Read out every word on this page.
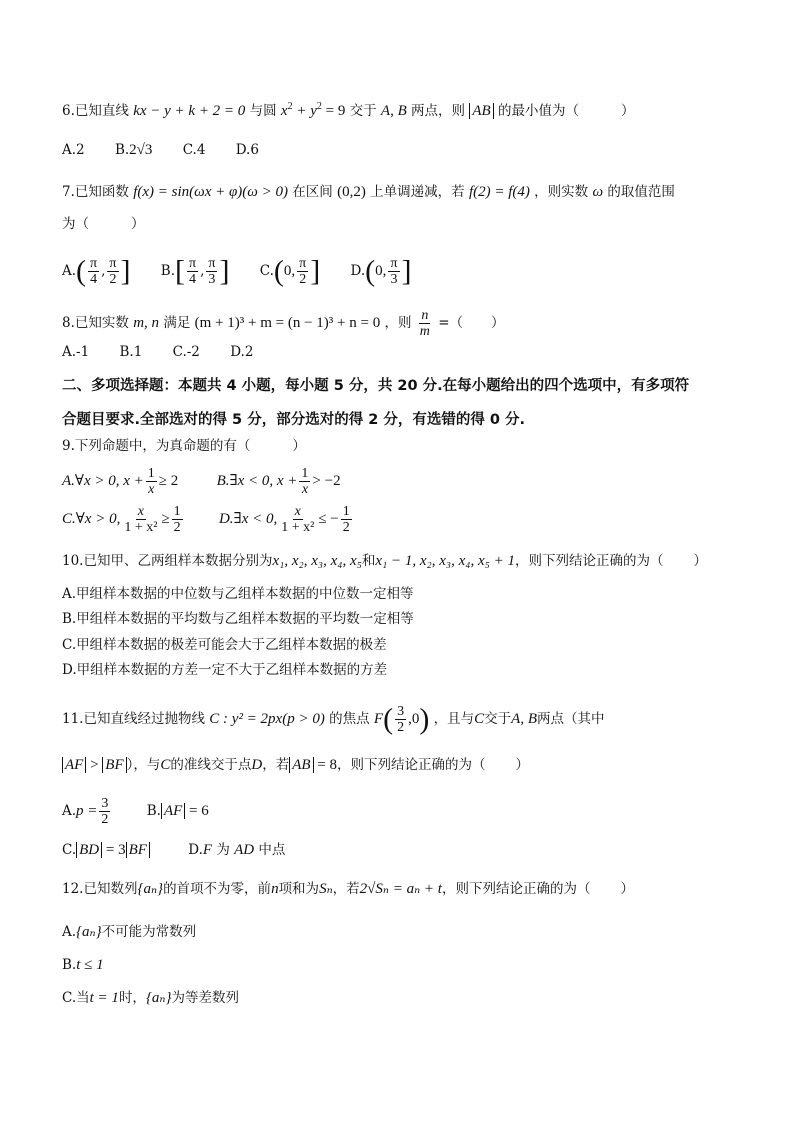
6.已知直线 kx − y + k + 2 = 0 与圆 $x^2 + y^2 = 9$ 交于 A, B 两点，则 AB 的最小值为（	）
A.2 B.2√3 C.4 D.6
7.已知函数 f(x) = sin(ωx + φ)(ω > 0) 在区间 (0,2) 上单调递减，若 f(2) = f(4) ，则实数 ω 的取值范围
为（	）
$A.( \frac{\pi}{4}$ , $\frac{\pi}{2}$ ] $B.[ \frac{\pi}{4}$ , $\frac{\pi}{3}$ ] C.(0, $\frac{\pi}{2}$ ] D.(0, $\frac{\pi}{3}$ ]
8.已知实数 m, n 满足 (m + 1)³ + m = (n − 1)³ + n = 0 ，则 $\frac{n}{m}$ =（ ）
A.-1 B.1 C.-2 D.2
二、多项选择题：本题共 4 小题，每小题 5 分，共 20 分.在每小题给出的四个选项中，有多项符
合题目要求.全部选对的得 5 分，部分选对的得 2 分，有选错的得 0 分.
9.下列命题中，为真命题的有（	）
A.∀x > 0, $x + \frac{1}{x} \ge 2$	B.∃x < 0, $x + \frac{1}{x} > -2$
C.∀x > 0, $\frac{x}{\text{1 + x²}} \ge \frac{1}{2}$ D.∃x < 0, $\frac{x}{\text{1 + x²}}$ ≤ − $\frac{1}{2}$
10.已知甲、乙两组样本数据分别为x₁, x₂, x₃, x₄, x₅和x₁ − 1, x₂, x₃, x₄, x₅ + 1，则下列结论正确的为（ ）
A.甲组样本数据的中位数与乙组样本数据的中位数一定相等
B.甲组样本数据的平均数与乙组样本数据的平均数一定相等
C.甲组样本数据的极差可能会大于乙组样本数据的极差
D.甲组样本数据的方差一定不大于乙组样本数据的方差
11.已知直线经过抛物线 C : y² = 2px(p > 0) 的焦点 $F( \frac{3}{2} ,0)$ ，且与C交于A, B两点（其中
AF > BF ），与C的准线交于点D，若 AB = 8，则下列结论正确的为（ ）
$A.p = \frac{3}{2}$	B. AF = 6
C. BD = 3 BF	D.F 为 AD 中点
12.已知数列{aₙ}的首项不为零，前n项和为Sₙ，若2√Sₙ = aₙ + t，则下列结论正确的为（ ）
A.{aₙ}不可能为常数列
B.t ≤ 1
C.当t = 1时，{aₙ}为等差数列
